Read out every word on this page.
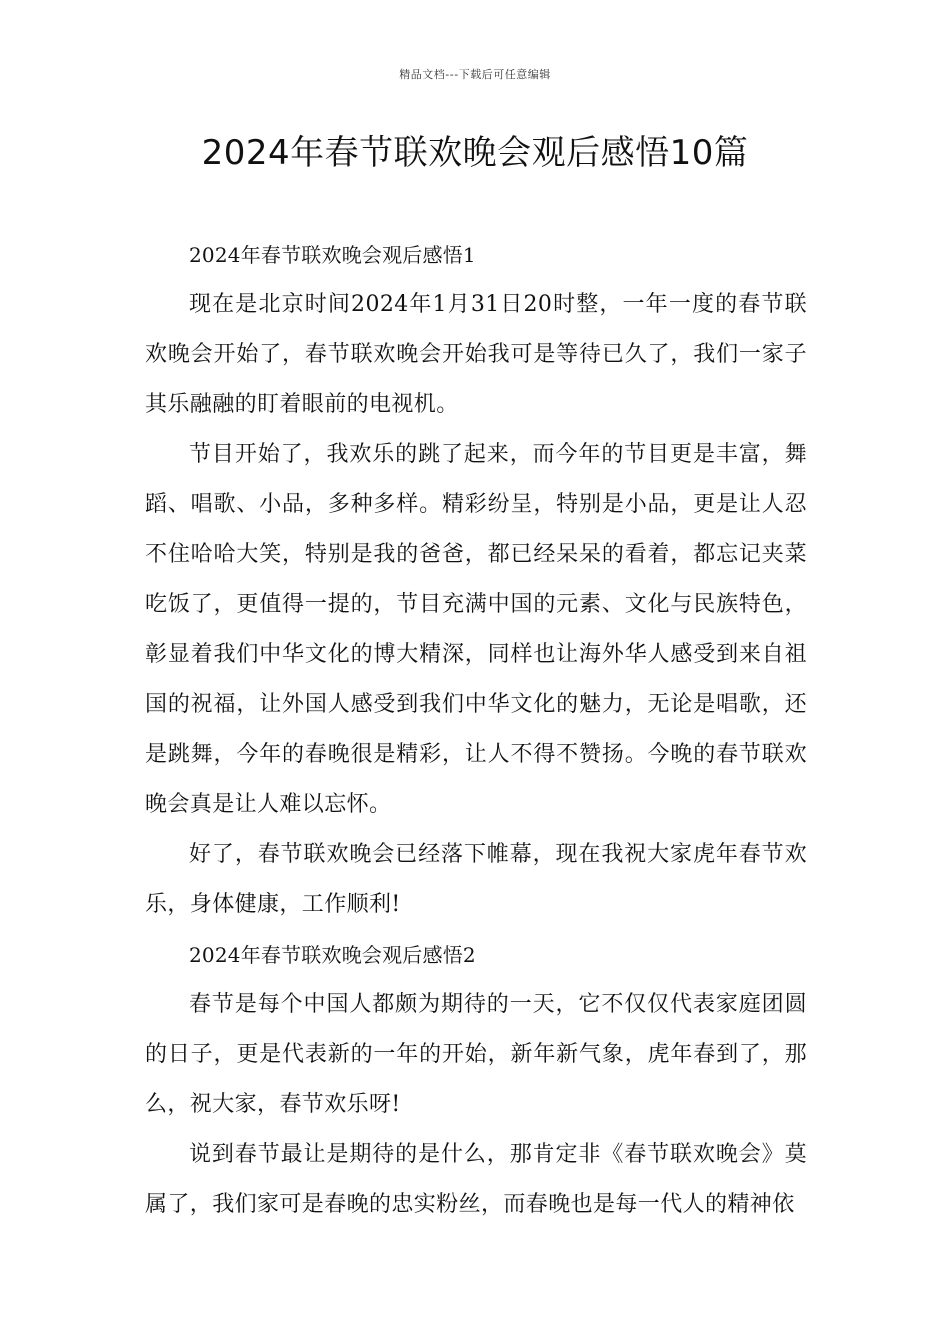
精品文档---下载后可任意编辑
2024年春节联欢晚会观后感悟10篇

2024年春节联欢晚会观后感悟1

现在是北京时间2024年1月31日20时整，一年一度的春节联欢晚会开始了，春节联欢晚会开始我可是等待已久了，我们一家子其乐融融的盯着眼前的电视机。

节目开始了，我欢乐的跳了起来，而今年的节目更是丰富，舞蹈、唱歌、小品，多种多样。精彩纷呈，特别是小品，更是让人忍不住哈哈大笑，特别是我的爸爸，都已经呆呆的看着，都忘记夹菜吃饭了，更值得一提的，节目充满中国的元素、文化与民族特色，彰显着我们中华文化的博大精深，同样也让海外华人感受到来自祖国的祝福，让外国人感受到我们中华文化的魅力，无论是唱歌，还是跳舞，今年的春晚很是精彩，让人不得不赞扬。今晚的春节联欢晚会真是让人难以忘怀。

好了，春节联欢晚会已经落下帷幕，现在我祝大家虎年春节欢乐，身体健康，工作顺利!

2024年春节联欢晚会观后感悟2

春节是每个中国人都颇为期待的一天，它不仅仅代表家庭团圆的日子，更是代表新的一年的开始，新年新气象，虎年春到了，那么，祝大家，春节欢乐呀!

说到春节最让是期待的是什么，那肯定非《春节联欢晚会》莫属了，我们家可是春晚的忠实粉丝，而春晚也是每一代人的精神依
